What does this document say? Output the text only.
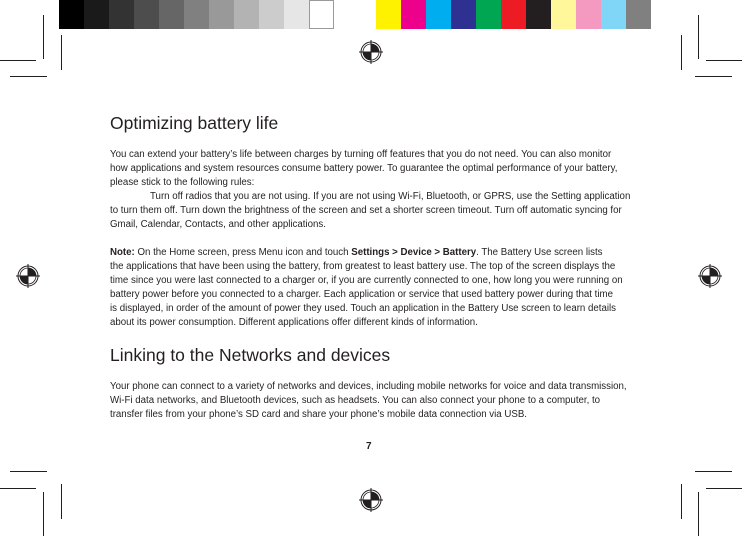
Optimizing battery life

You can extend your battery’s life between charges by turning off features that you do not need. You can also monitor
how applications and system resources consume battery power. To guarantee the optimal performance of your battery,
please stick to the following rules:

Turn off radios that you are not using. If you are not using Wi-Fi, Bluetooth, or GPRS, use the Setting application
to turn them off. Turn down the brightness of the screen and set a shorter screen timeout. Turn off automatic syncing for
Gmail, Calendar, Contacts, and other applications.

Note: On the Home screen, press Menu icon and touch Settings > Device > Battery. The Battery Use screen lists
the applications that have been using the battery, from greatest to least battery use. The top of the screen displays the
time since you were last connected to a charger or, if you are currently connected to one, how long you were running on
battery power before you connected to a charger. Each application or service that used battery power during that time
is displayed, in order of the amount of power they used. Touch an application in the Battery Use screen to learn details
about its power consumption. Different applications offer different kinds of information.

Linking to the Networks and devices

Your phone can connect to a variety of networks and devices, including mobile networks for voice and data transmission,
Wi-Fi data networks, and Bluetooth devices, such as headsets. You can also connect your phone to a computer, to
transfer files from your phone’s SD card and share your phone’s mobile data connection via USB.

7
